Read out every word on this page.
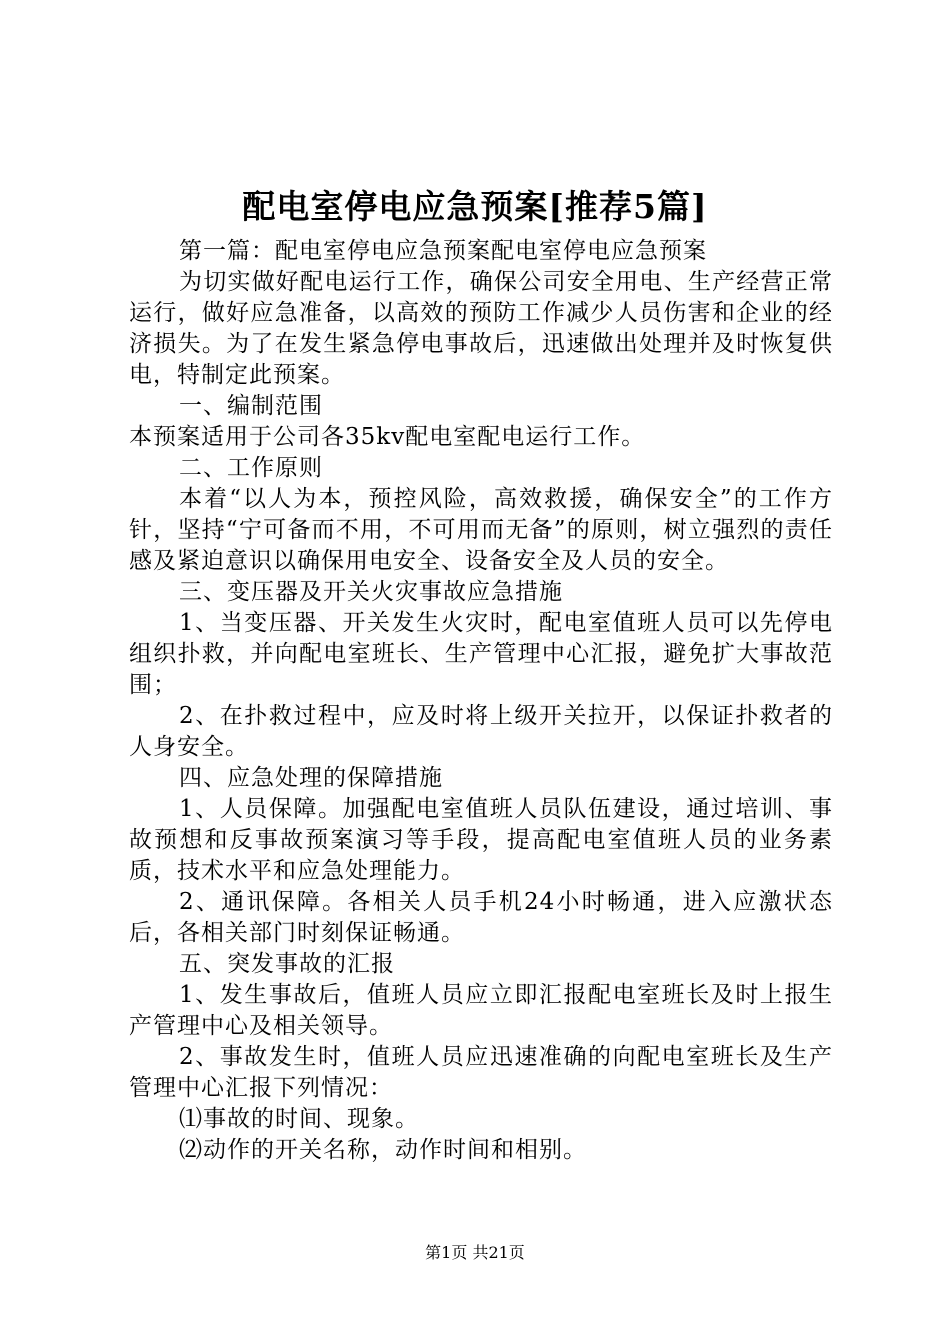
配电室停电应急预案[推荐5篇]

第一篇：配电室停电应急预案配电室停电应急预案

为切实做好配电运行工作，确保公司安全用电、生产经营正常运行，做好应急准备，以高效的预防工作减少人员伤害和企业的经济损失。为了在发生紧急停电事故后，迅速做出处理并及时恢复供电，特制定此预案。

一、编制范围

本预案适用于公司各35kv配电室配电运行工作。

二、工作原则

本着“以人为本，预控风险，高效救援，确保安全”的工作方针，坚持“宁可备而不用，不可用而无备”的原则，树立强烈的责任感及紧迫意识以确保用电安全、设备安全及人员的安全。

三、变压器及开关火灾事故应急措施

1、当变压器、开关发生火灾时，配电室值班人员可以先停电组织扑救，并向配电室班长、生产管理中心汇报，避免扩大事故范围；

2、在扑救过程中，应及时将上级开关拉开，以保证扑救者的人身安全。

四、应急处理的保障措施

1、人员保障。加强配电室值班人员队伍建设，通过培训、事故预想和反事故预案演习等手段，提高配电室值班人员的业务素质，技术水平和应急处理能力。

2、通讯保障。各相关人员手机24小时畅通，进入应激状态后，各相关部门时刻保证畅通。

五、突发事故的汇报

1、发生事故后，值班人员应立即汇报配电室班长及时上报生产管理中心及相关领导。

2、事故发生时，值班人员应迅速准确的向配电室班长及生产管理中心汇报下列情况：

⑴事故的时间、现象。

⑵动作的开关名称，动作时间和相别。

第1页 共21页
